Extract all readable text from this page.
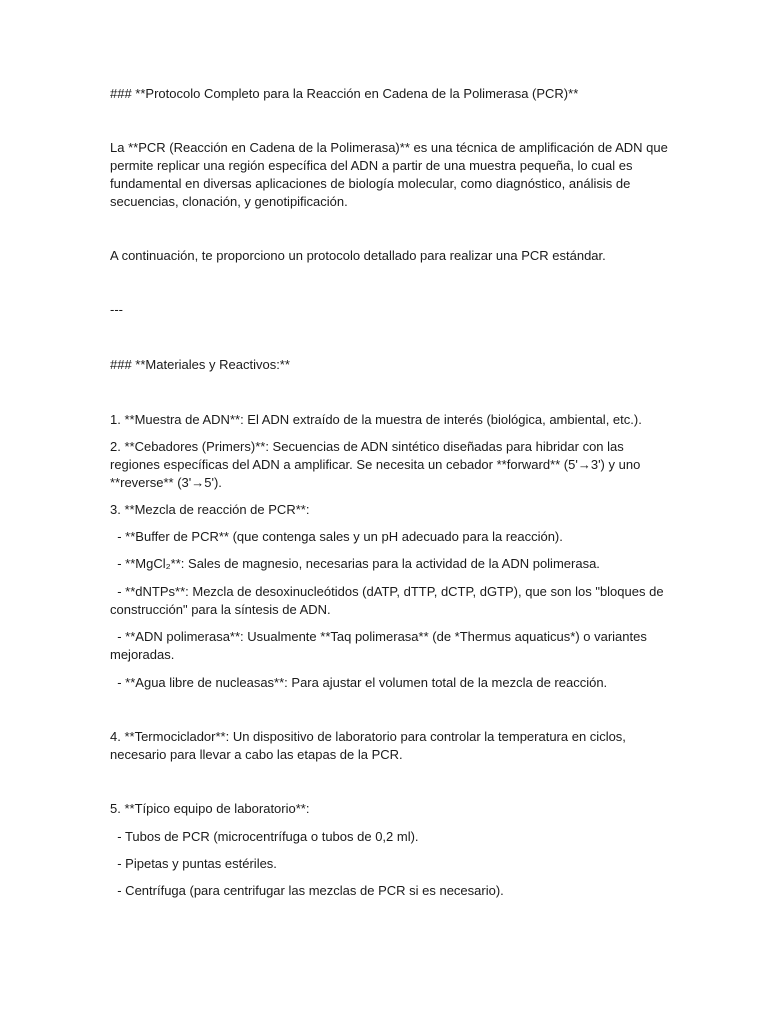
### **Protocolo Completo para la Reacción en Cadena de la Polimerasa (PCR)**

La **PCR (Reacción en Cadena de la Polimerasa)** es una técnica de amplificación de ADN que permite replicar una región específica del ADN a partir de una muestra pequeña, lo cual es fundamental en diversas aplicaciones de biología molecular, como diagnóstico, análisis de secuencias, clonación, y genotipificación.

A continuación, te proporciono un protocolo detallado para realizar una PCR estándar.

---

### **Materiales y Reactivos:**

1. **Muestra de ADN**: El ADN extraído de la muestra de interés (biológica, ambiental, etc.).

2. **Cebadores (Primers)**: Secuencias de ADN sintético diseñadas para hibridar con las regiones específicas del ADN a amplificar. Se necesita un cebador **forward** (5'→3') y uno **reverse** (3'→5').

3. **Mezcla de reacción de PCR**:

- **Buffer de PCR** (que contenga sales y un pH adecuado para la reacción).

- **MgCl₂**: Sales de magnesio, necesarias para la actividad de la ADN polimerasa.

- **dNTPs**: Mezcla de desoxinucleótidos (dATP, dTTP, dCTP, dGTP), que son los "bloques de construcción" para la síntesis de ADN.

- **ADN polimerasa**: Usualmente **Taq polimerasa** (de *Thermus aquaticus*) o variantes mejoradas.

- **Agua libre de nucleasas**: Para ajustar el volumen total de la mezcla de reacción.

4. **Termociclador**: Un dispositivo de laboratorio para controlar la temperatura en ciclos, necesario para llevar a cabo las etapas de la PCR.

5. **Típico equipo de laboratorio**:

- Tubos de PCR (microcentrífuga o tubos de 0,2 ml).

- Pipetas y puntas estériles.

- Centrífuga (para centrifugar las mezclas de PCR si es necesario).
